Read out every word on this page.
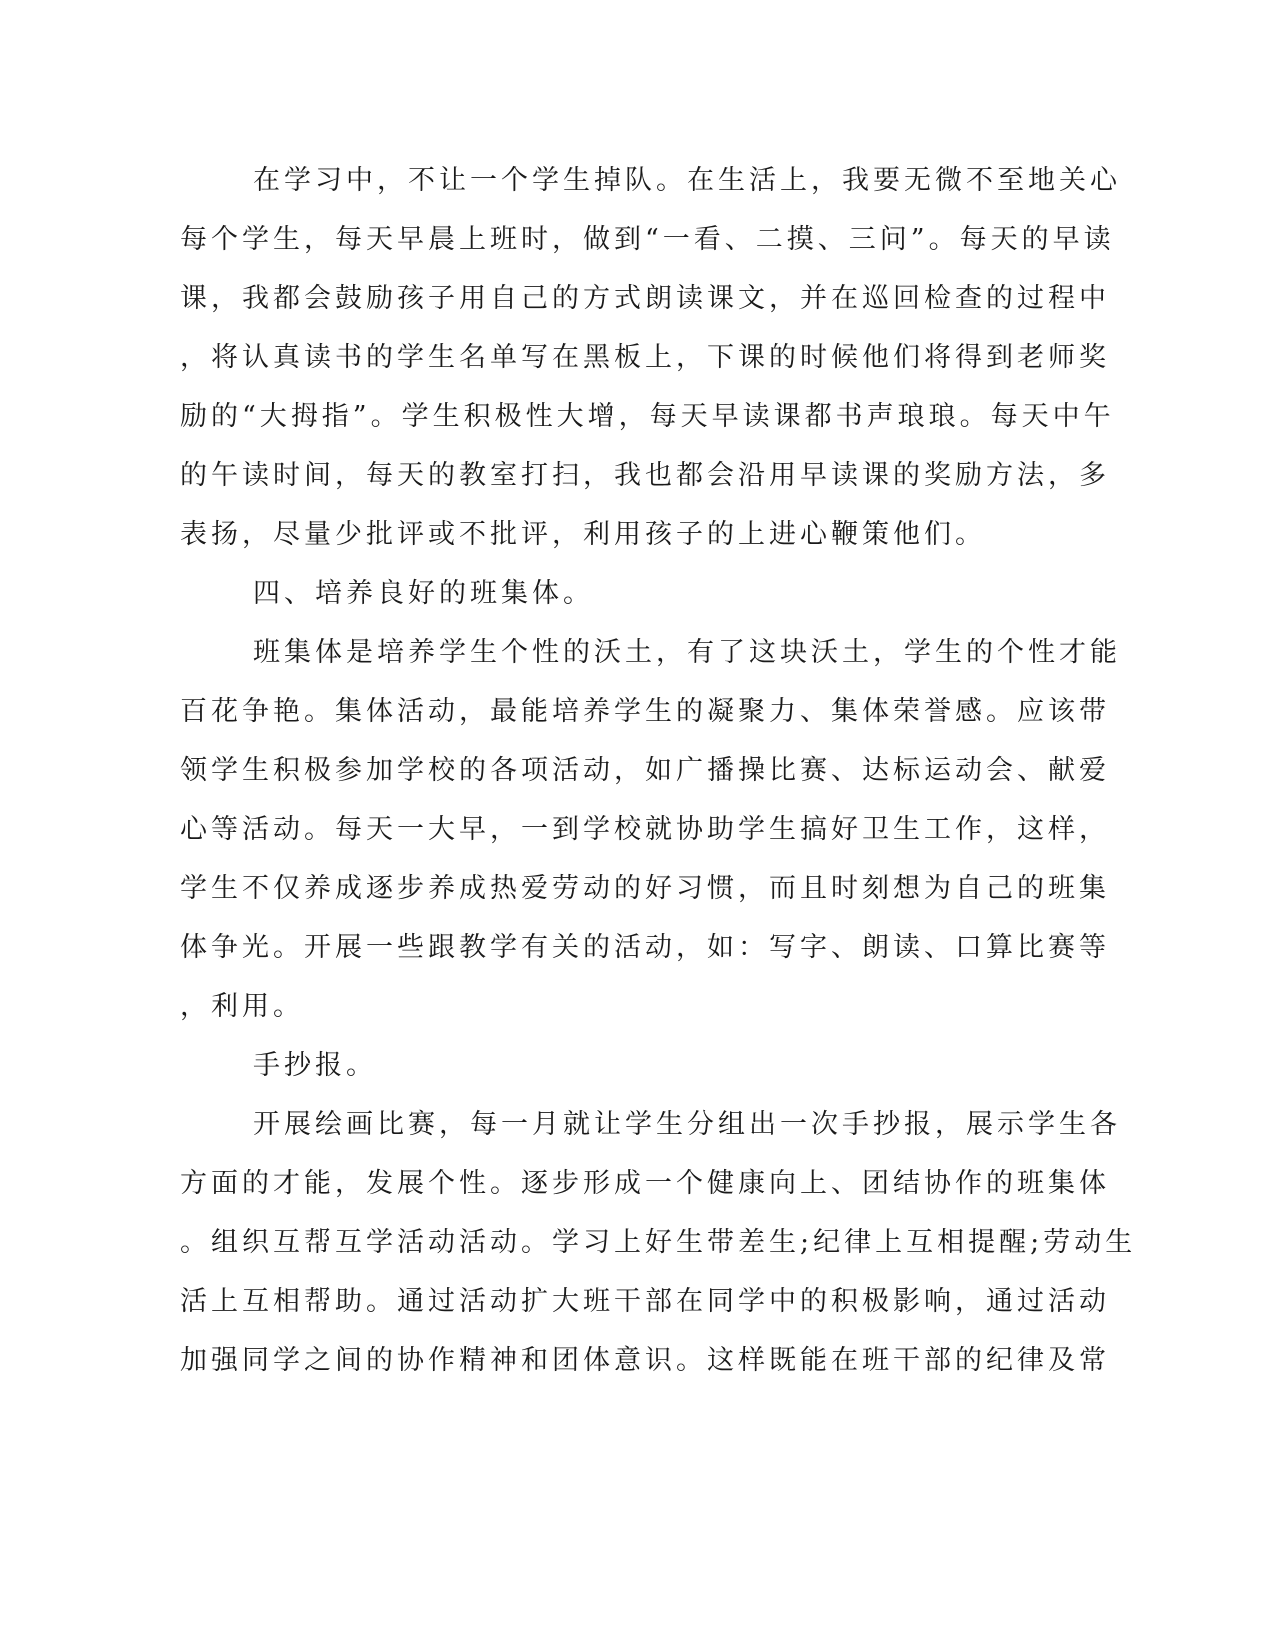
在学习中，不让一个学生掉队。在生活上，我要无微不至地关心
每个学生，每天早晨上班时，做到“一看、二摸、三问”。每天的早读
课，我都会鼓励孩子用自己的方式朗读课文，并在巡回检查的过程中
，将认真读书的学生名单写在黑板上，下课的时候他们将得到老师奖
励的“大拇指”。学生积极性大增，每天早读课都书声琅琅。每天中午
的午读时间，每天的教室打扫，我也都会沿用早读课的奖励方法，多
表扬，尽量少批评或不批评，利用孩子的上进心鞭策他们。
四、培养良好的班集体。
班集体是培养学生个性的沃土，有了这块沃土，学生的个性才能
百花争艳。集体活动，最能培养学生的凝聚力、集体荣誉感。应该带
领学生积极参加学校的各项活动，如广播操比赛、达标运动会、献爱
心等活动。每天一大早，一到学校就协助学生搞好卫生工作，这样，
学生不仅养成逐步养成热爱劳动的好习惯，而且时刻想为自己的班集
体争光。开展一些跟教学有关的活动，如：写字、朗读、口算比赛等
，利用。
手抄报。
开展绘画比赛，每一月就让学生分组出一次手抄报，展示学生各
方面的才能，发展个性。逐步形成一个健康向上、团结协作的班集体
。组织互帮互学活动活动。学习上好生带差生;纪律上互相提醒;劳动生
活上互相帮助。通过活动扩大班干部在同学中的积极影响，通过活动
加强同学之间的协作精神和团体意识。这样既能在班干部的纪律及常
